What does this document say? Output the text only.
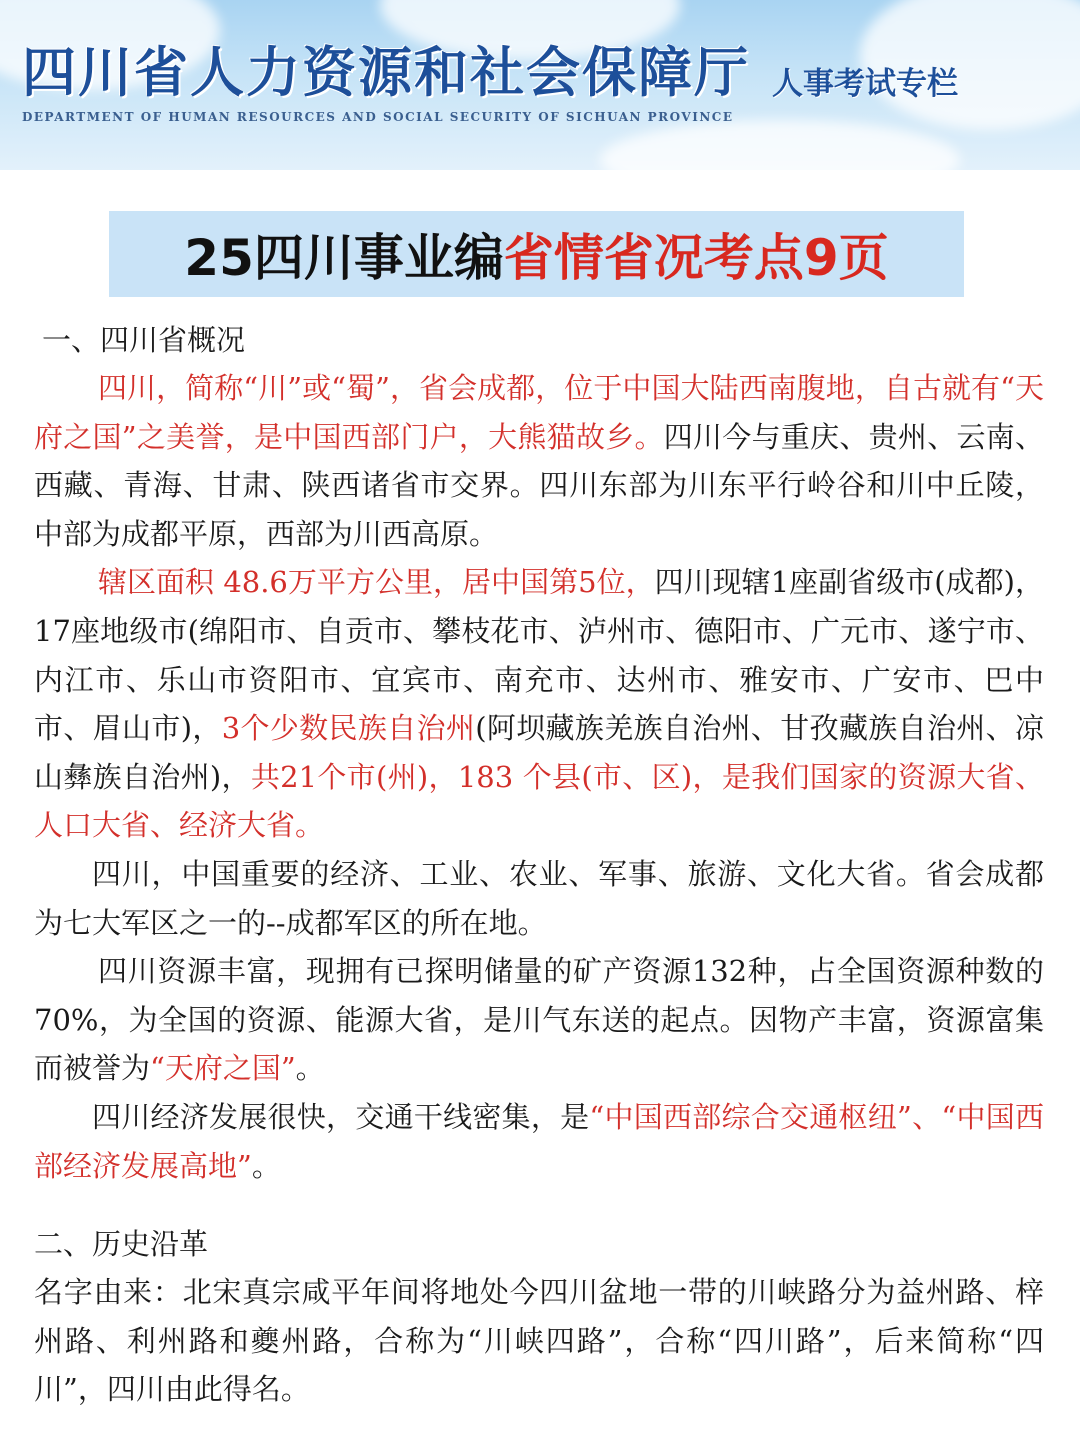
四川省人力资源和社会保障厅
DEPARTMENT OF HUMAN RESOURCES AND SOCIAL SECURITY OF SICHUAN PROVINCE
人事考试专栏
25四川事业编 省情省况考点9页
一、四川省概况
四川，简称“川”或“蜀”，省会成都，位于中国大陆西南腹地，自古就有“天府之国”之美誉，是中国西部门户，大熊猫故乡。四川今与重庆、贵州、云南、西藏、青海、甘肃、陕西诸省市交界。四川东部为川东平行岭谷和川中丘陵，中部为成都平原，西部为川西高原。
辖区面积 48.6万平方公里，居中国第5位，四川现辖1座副省级市(成都)，17座地级市(绵阳市、自贡市、攀枝花市、泸州市、德阳市、广元市、遂宁市、内江市、乐山市资阳市、宜宾市、南充市、达州市、雅安市、广安市、巴中市、眉山市)，3个少数民族自治州(阿坝藏族羌族自治州、甘孜藏族自治州、凉山彝族自治州)，共21个市(州)，183 个县(市、区)，是我们国家的资源大省、人口大省、经济大省。
四川，中国重要的经济、工业、农业、军事、旅游、文化大省。省会成都为七大军区之一的--成都军区的所在地。
四川资源丰富，现拥有已探明储量的矿产资源132种，占全国资源种数的70%，为全国的资源、能源大省，是川气东送的起点。因物产丰富，资源富集而被誉为“天府之国”。
四川经济发展很快，交通干线密集，是“中国西部综合交通枢纽”、“中国西部经济发展高地”。
二、历史沿革
名字由来：北宋真宗咸平年间将地处今四川盆地一带的川峡路分为益州路、梓州路、利州路和夔州路，合称为“川峡四路”，合称“四川路”，后来简称“四川”，四川由此得名。
